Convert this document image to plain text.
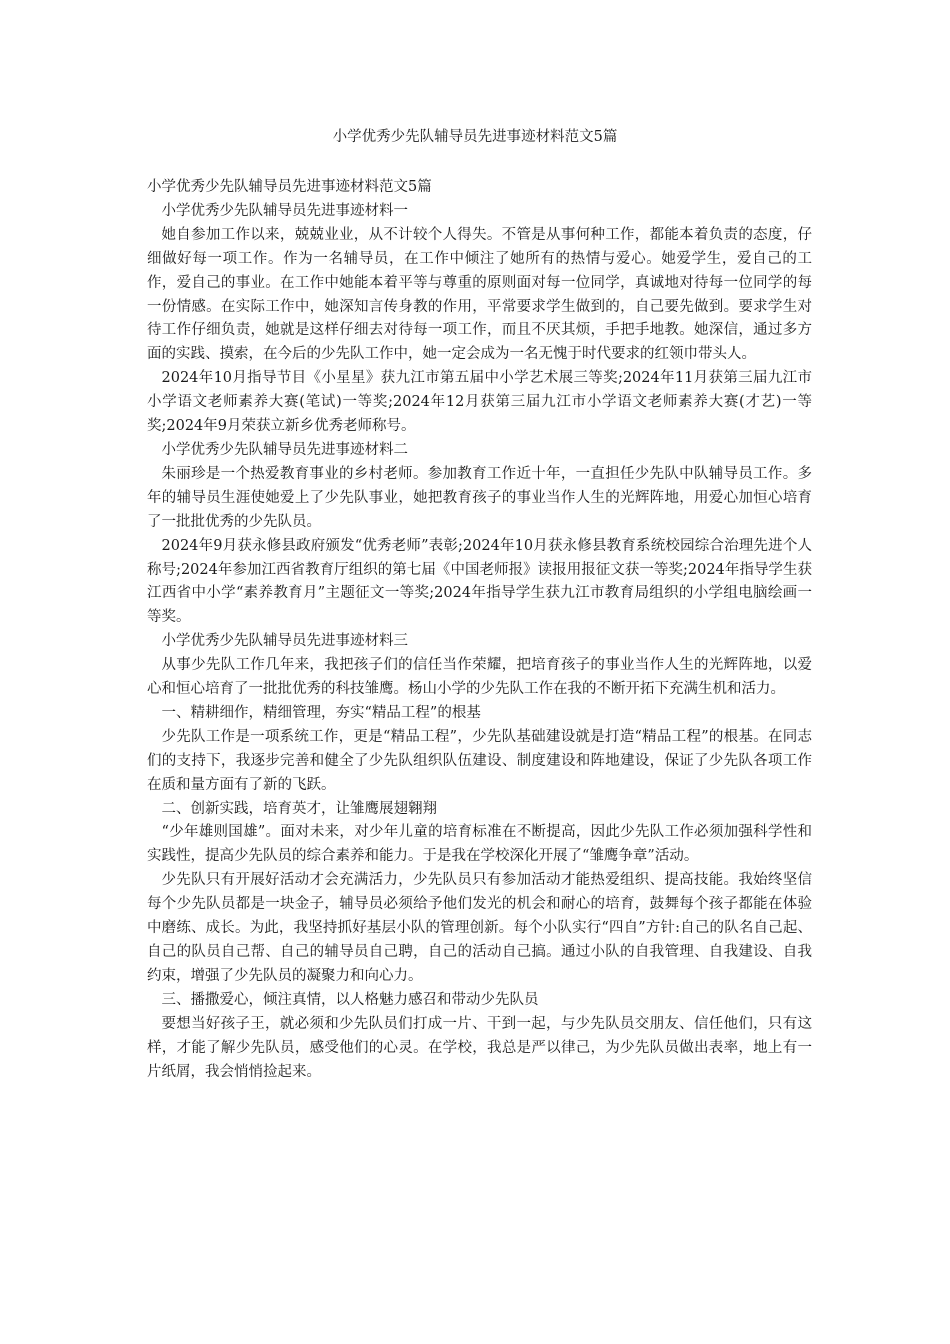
小学优秀少先队辅导员先进事迹材料范文5篇

小学优秀少先队辅导员先进事迹材料范文5篇

小学优秀少先队辅导员先进事迹材料一

她自参加工作以来，兢兢业业，从不计较个人得失。不管是从事何种工作，都能本着负责的态度，仔细做好每一项工作。作为一名辅导员，在工作中倾注了她所有的热情与爱心。她爱学生，爱自己的工作，爱自己的事业。在工作中她能本着平等与尊重的原则面对每一位同学，真诚地对待每一位同学的每一份情感。在实际工作中，她深知言传身教的作用，平常要求学生做到的，自己要先做到。要求学生对待工作仔细负责，她就是这样仔细去对待每一项工作，而且不厌其烦，手把手地教。她深信，通过多方面的实践、摸索，在今后的少先队工作中，她一定会成为一名无愧于时代要求的红领巾带头人。

2024年10月指导节目《小星星》获九江市第五届中小学艺术展三等奖;2024年11月获第三届九江市小学语文老师素养大赛(笔试)一等奖;2024年12月获第三届九江市小学语文老师素养大赛(才艺)一等奖;2024年9月荣获立新乡优秀老师称号。

小学优秀少先队辅导员先进事迹材料二

朱丽珍是一个热爱教育事业的乡村老师。参加教育工作近十年，一直担任少先队中队辅导员工作。多年的辅导员生涯使她爱上了少先队事业，她把教育孩子的事业当作人生的光辉阵地，用爱心加恒心培育了一批批优秀的少先队员。

2024年9月获永修县政府颁发“优秀老师”表彰;2024年10月获永修县教育系统校园综合治理先进个人称号;2024年参加江西省教育厅组织的第七届《中国老师报》读报用报征文获一等奖;2024年指导学生获江西省中小学“素养教育月”主题征文一等奖;2024年指导学生获九江市教育局组织的小学组电脑绘画一等奖。

小学优秀少先队辅导员先进事迹材料三

从事少先队工作几年来，我把孩子们的信任当作荣耀，把培育孩子的事业当作人生的光辉阵地，以爱心和恒心培育了一批批优秀的科技雏鹰。杨山小学的少先队工作在我的不断开拓下充满生机和活力。

一、精耕细作，精细管理，夯实“精品工程”的根基

少先队工作是一项系统工作，更是“精品工程”，少先队基础建设就是打造“精品工程”的根基。在同志们的支持下，我逐步完善和健全了少先队组织队伍建设、制度建设和阵地建设，保证了少先队各项工作在质和量方面有了新的飞跃。

二、创新实践，培育英才，让雏鹰展翅翱翔

“少年雄则国雄”。面对未来，对少年儿童的培育标准在不断提高，因此少先队工作必须加强科学性和实践性，提高少先队员的综合素养和能力。于是我在学校深化开展了“雏鹰争章”活动。

少先队只有开展好活动才会充满活力，少先队员只有参加活动才能热爱组织、提高技能。我始终坚信每个少先队员都是一块金子，辅导员必须给予他们发光的机会和耐心的培育，鼓舞每个孩子都能在体验中磨练、成长。为此，我坚持抓好基层小队的管理创新。每个小队实行“四自”方针:自己的队名自己起、自己的队员自己帮、自己的辅导员自己聘，自己的活动自己搞。通过小队的自我管理、自我建设、自我约束，增强了少先队员的凝聚力和向心力。

三、播撒爱心，倾注真情，以人格魅力感召和带动少先队员

要想当好孩子王，就必须和少先队员们打成一片、干到一起，与少先队员交朋友、信任他们，只有这样，才能了解少先队员，感受他们的心灵。在学校，我总是严以律己，为少先队员做出表率，地上有一片纸屑，我会悄悄捡起来。
